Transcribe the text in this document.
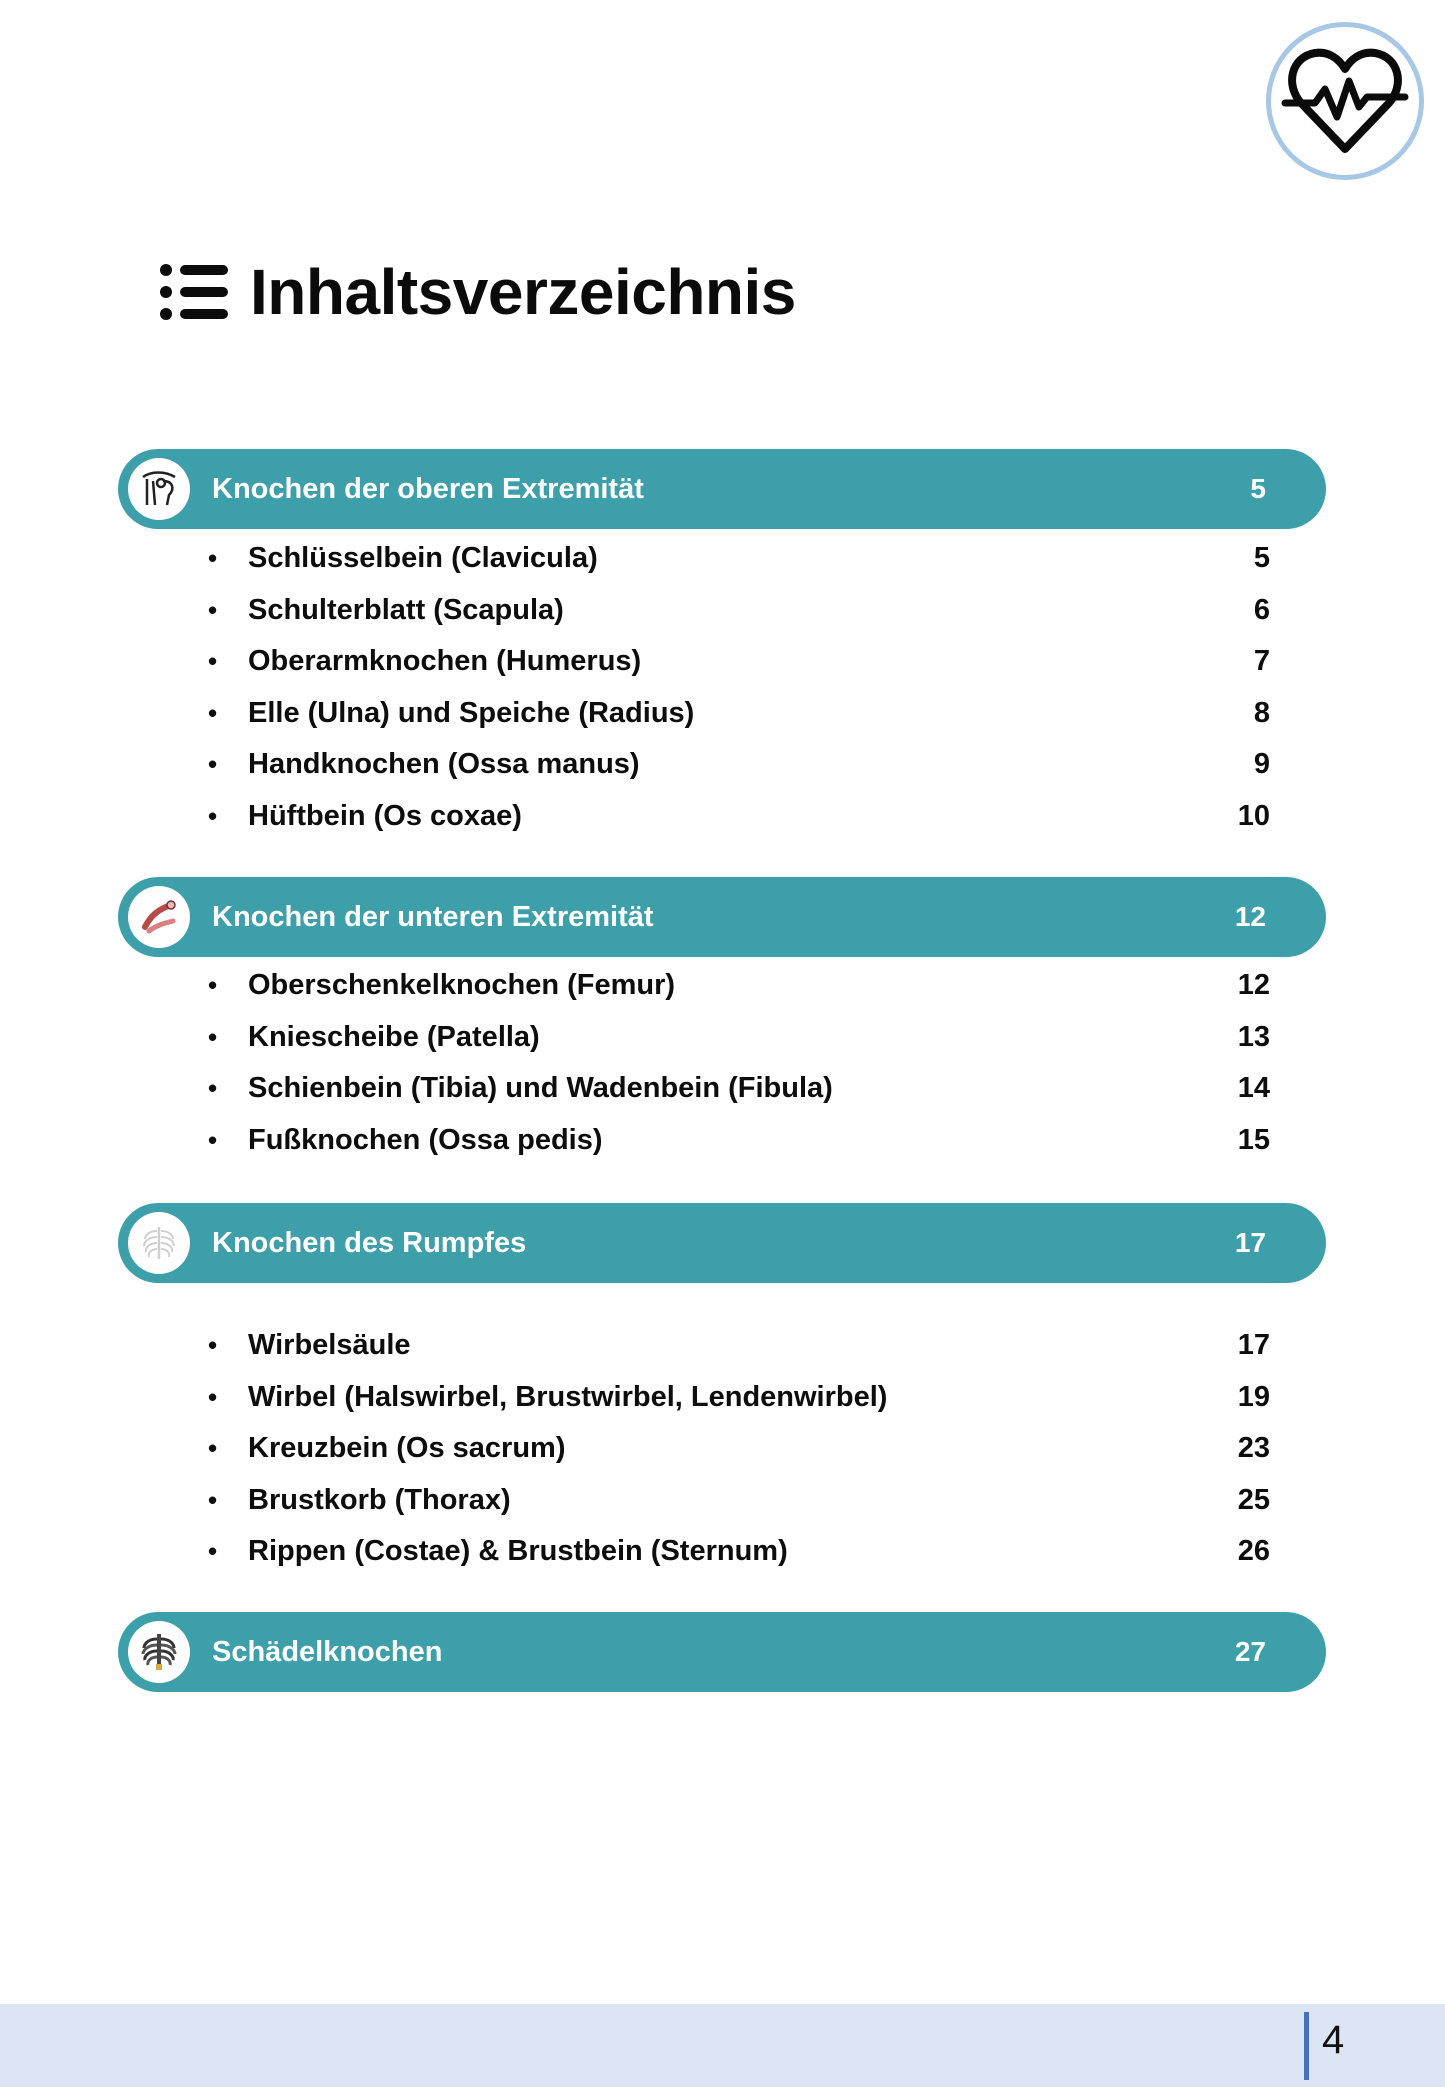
Inhaltsverzeichnis
Knochen der oberen Extremität	5
•	Schlüsselbein (Clavicula)	5
•	Schulterblatt (Scapula)	6
•	Oberarmknochen (Humerus)	7
•	Elle (Ulna) und Speiche (Radius)	8
•	Handknochen (Ossa manus)	9
•	Hüftbein (Os coxae)	10
Knochen der unteren Extremität	12
•	Oberschenkelknochen (Femur)	12
•	Kniescheibe (Patella)	13
•	Schienbein (Tibia) und Wadenbein (Fibula)	14
•	Fußknochen (Ossa pedis)	15
Knochen des Rumpfes	17
•	Wirbelsäule	17
•	Wirbel (Halswirbel, Brustwirbel, Lendenwirbel)	19
•	Kreuzbein (Os sacrum)	23
•	Brustkorb (Thorax)	25
•	Rippen (Costae) & Brustbein (Sternum)	26
Schädelknochen	27
4
